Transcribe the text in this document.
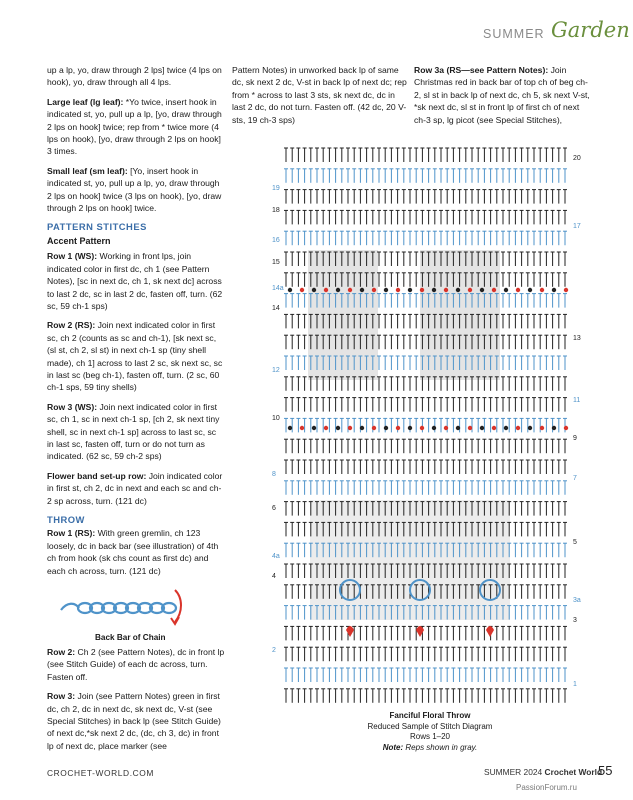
SUMMER Garden

up a lp, yo, draw through 2 lps] twice (4 lps on hook), yo, draw through all 4 lps.

Large leaf (lg leaf): *Yo twice, insert hook in indicated st, yo, pull up a lp, [yo, draw through 2 lps on hook] twice; rep from * twice more (4 lps on hook), [yo, draw through 2 lps on hook] 3 times.

Small leaf (sm leaf): [Yo, insert hook in indicated st, yo, pull up a lp, yo, draw through 2 lps on hook] twice (3 lps on hook), [yo, draw through 2 lps on hook] twice.

PATTERN STITCHES
Accent Pattern

Row 1 (WS): Working in front lps, join indicated color in first dc, ch 1 (see Pattern Notes), [sc in next dc, ch 1, sk next dc] across to last 2 dc, sc in last 2 dc, fasten off, turn. (62 sc, 59 ch-1 sps)

Row 2 (RS): Join next indicated color in first sc, ch 2 (counts as sc and ch-1), [sk next sc, (sl st, ch 2, sl st) in next ch-1 sp (tiny shell made), ch 1] across to last 2 sc, sk next sc, sc in last sc (beg ch-1), fasten off, turn. (2 sc, 60 ch-1 sps, 59 tiny shells)

Row 3 (WS): Join next indicated color in first sc, ch 1, sc in next ch-1 sp, [ch 2, sk next tiny shell, sc in next ch-1 sp] across to last sc, sc in last sc, fasten off, turn or do not turn as indicated. (62 sc, 59 ch-2 sps)

Flower band set-up row: Join indicated color in first st, ch 2, dc in next and each sc and ch-2 sp across, turn. (121 dc)

THROW

Row 1 (RS): With green gremlin, ch 123 loosely, dc in back bar (see illustration) of 4th ch from hook (sk chs count as first dc) and each ch across, turn. (121 dc)

Back Bar of Chain

Row 2: Ch 2 (see Pattern Notes), dc in front lp (see Stitch Guide) of each dc across, turn. Fasten off.

Row 3: Join (see Pattern Notes) green in first dc, ch 2, dc in next dc, sk next dc, V-st (see Special Stitches) in back lp (see Stitch Guide) of next dc,*sk next 2 dc, (dc, ch 3, dc) in front lp of next dc, place marker (see

Pattern Notes) in unworked back lp of same dc, sk next 2 dc, V-st in back lp of next dc; rep from * across to last 3 sts, sk next dc, dc in last 2 dc, do not turn. Fasten off. (42 dc, 20 V-sts, 19 ch-3 sps)

Row 3a (RS—see Pattern Notes): Join Christmas red in back bar of top ch of beg ch-2, sl st in back lp of next dc, ch 5, sk next V-st, *sk next dc, sl st in front lp of first ch of next ch-3 sp, lg picot (see Special Stitches),

19
18
16
15
14a
14
12
10
8
6
4a
4
2
20
17
13
11
9
7
5
3a
3
1
Fanciful Floral Throw
Reduced Sample of Stitch Diagram
Rows 1–20
Note: Reps shown in gray.
CROCHET-WORLD.COM	SUMMER 2024 Crochet World
55
PassionForum.ru
